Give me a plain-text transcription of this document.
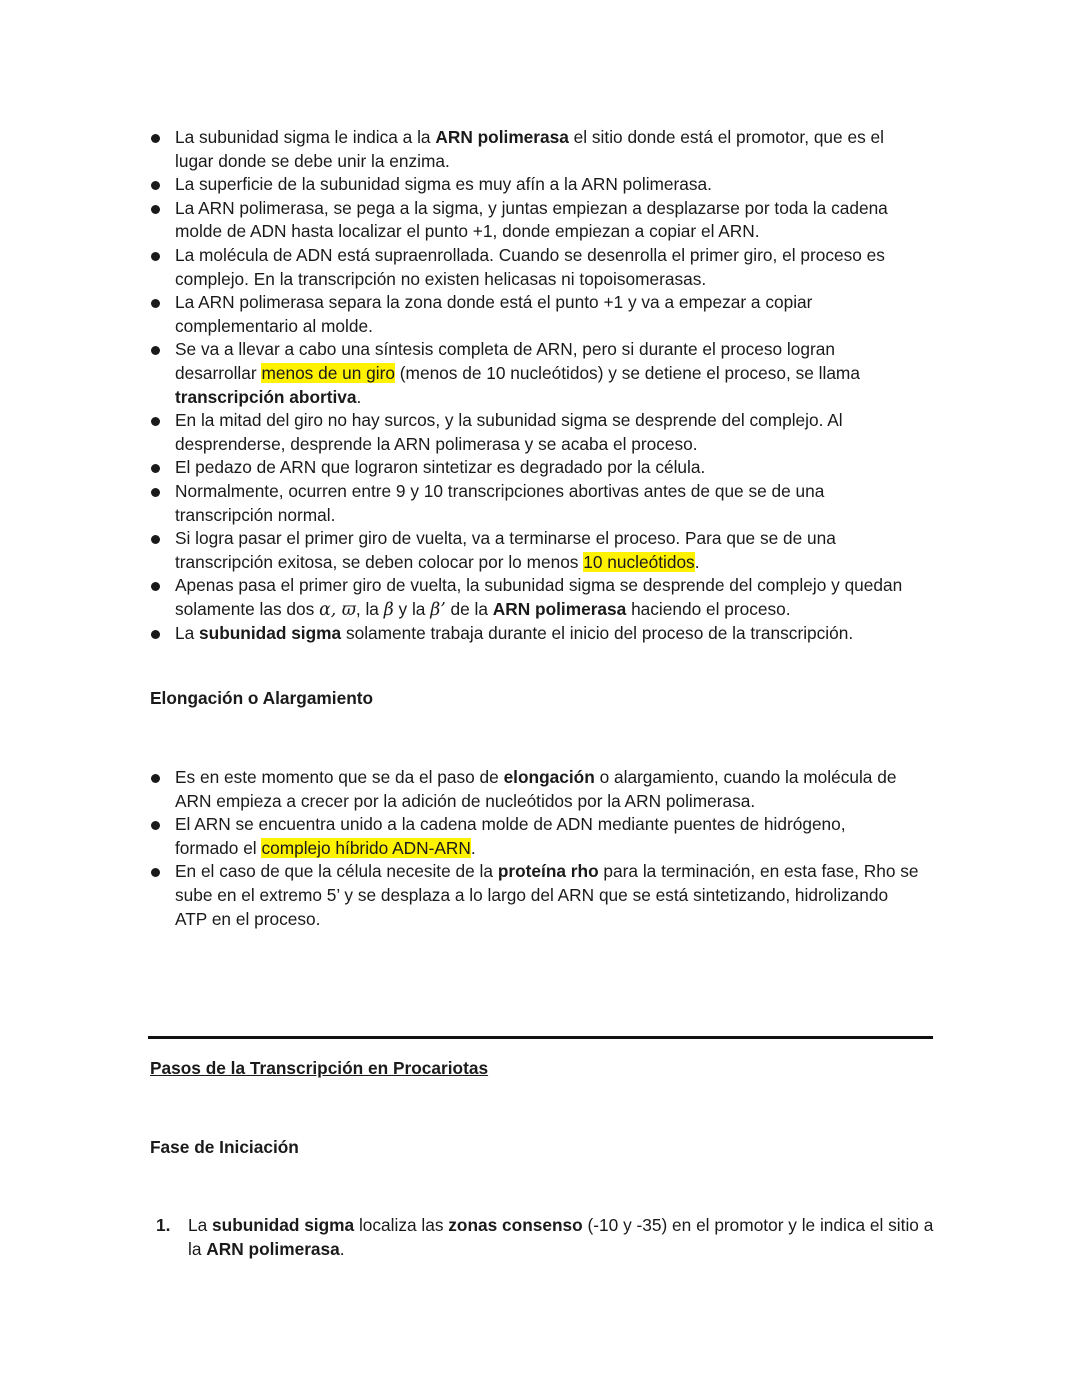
La subunidad sigma le indica a la ARN polimerasa el sitio donde está el promotor, que es el
lugar donde se debe unir la enzima.
La superficie de la subunidad sigma es muy afín a la ARN polimerasa.
La ARN polimerasa, se pega a la sigma, y juntas empiezan a desplazarse por toda la cadena
molde de ADN hasta localizar el punto +1, donde empiezan a copiar el ARN.
La molécula de ADN está supraenrollada. Cuando se desenrolla el primer giro, el proceso es
complejo. En la transcripción no existen helicasas ni topoisomerasas.
La ARN polimerasa separa la zona donde está el punto +1 y va a empezar a copiar
complementario al molde.
Se va a llevar a cabo una síntesis completa de ARN, pero si durante el proceso logran
desarrollar menos de un giro (menos de 10 nucleótidos) y se detiene el proceso, se llama
transcripción abortiva.
En la mitad del giro no hay surcos, y la subunidad sigma se desprende del complejo. Al
desprenderse, desprende la ARN polimerasa y se acaba el proceso.
El pedazo de ARN que lograron sintetizar es degradado por la célula.
Normalmente, ocurren entre 9 y 10 transcripciones abortivas antes de que se de una
transcripción normal.
Si logra pasar el primer giro de vuelta, va a terminarse el proceso. Para que se de una
transcripción exitosa, se deben colocar por lo menos 10 nucleótidos.
Apenas pasa el primer giro de vuelta, la subunidad sigma se desprende del complejo y quedan
solamente las dos α, ϖ, la β y la β’ de la ARN polimerasa haciendo el proceso.
La subunidad sigma solamente trabaja durante el inicio del proceso de la transcripción.
Elongación o Alargamiento
Es en este momento que se da el paso de elongación o alargamiento, cuando la molécula de
ARN empieza a crecer por la adición de nucleótidos por la ARN polimerasa.
El ARN se encuentra unido a la cadena molde de ADN mediante puentes de hidrógeno,
formado el complejo híbrido ADN-ARN.
En el caso de que la célula necesite de la proteína rho para la terminación, en esta fase, Rho se
sube en el extremo 5’ y se desplaza a lo largo del ARN que se está sintetizando, hidrolizando
ATP en el proceso.
Pasos de la Transcripción en Procariotas
Fase de Iniciación
1. La subunidad sigma localiza las zonas consenso (-10 y -35) en el promotor y le indica el sitio a
la ARN polimerasa.
